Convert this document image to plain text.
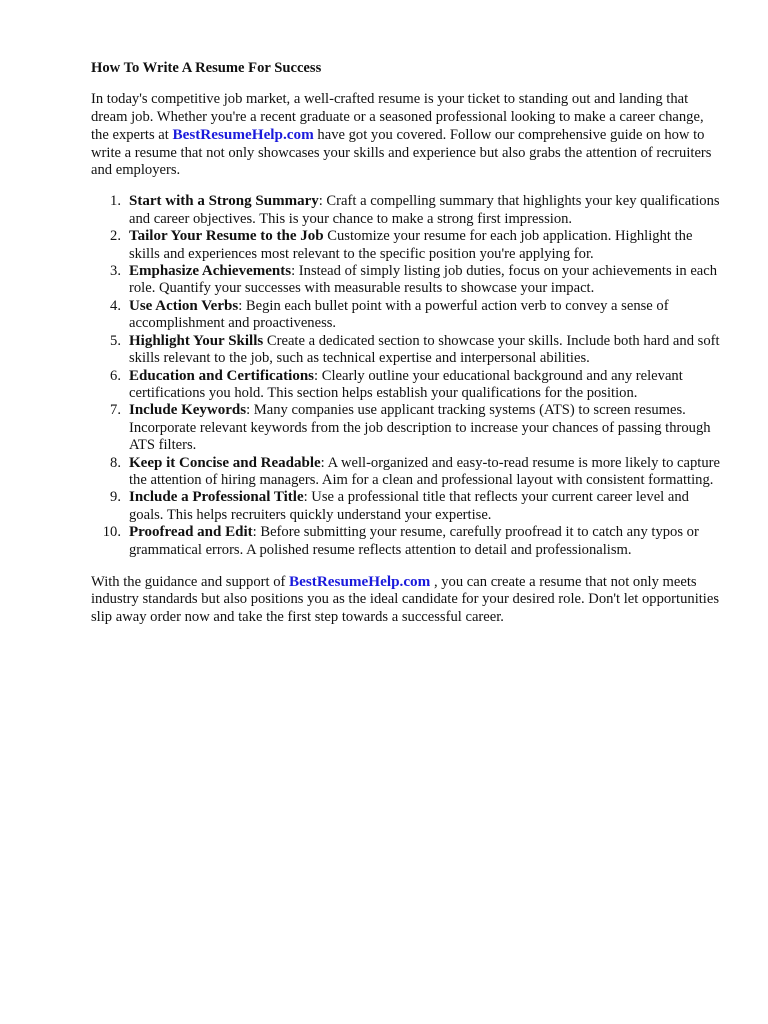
How To Write A Resume For Success

In today's competitive job market, a well-crafted resume is your ticket to standing out and landing that dream job. Whether you're a recent graduate or a seasoned professional looking to make a career change, the experts at BestResumeHelp.com have got you covered. Follow our comprehensive guide on how to write a resume that not only showcases your skills and experience but also grabs the attention of recruiters and employers.

1. Start with a Strong Summary: Craft a compelling summary that highlights your key qualifications and career objectives. This is your chance to make a strong first impression.
2. Tailor Your Resume to the Job Customize your resume for each job application. Highlight the skills and experiences most relevant to the specific position you're applying for.
3. Emphasize Achievements: Instead of simply listing job duties, focus on your achievements in each role. Quantify your successes with measurable results to showcase your impact.
4. Use Action Verbs: Begin each bullet point with a powerful action verb to convey a sense of accomplishment and proactiveness.
5. Highlight Your Skills Create a dedicated section to showcase your skills. Include both hard and soft skills relevant to the job, such as technical expertise and interpersonal abilities.
6. Education and Certifications: Clearly outline your educational background and any relevant certifications you hold. This section helps establish your qualifications for the position.
7. Include Keywords: Many companies use applicant tracking systems (ATS) to screen resumes. Incorporate relevant keywords from the job description to increase your chances of passing through ATS filters.
8. Keep it Concise and Readable: A well-organized and easy-to-read resume is more likely to capture the attention of hiring managers. Aim for a clean and professional layout with consistent formatting.
9. Include a Professional Title: Use a professional title that reflects your current career level and goals. This helps recruiters quickly understand your expertise.
10. Proofread and Edit: Before submitting your resume, carefully proofread it to catch any typos or grammatical errors. A polished resume reflects attention to detail and professionalism.

With the guidance and support of BestResumeHelp.com , you can create a resume that not only meets industry standards but also positions you as the ideal candidate for your desired role. Don't let opportunities slip away order now and take the first step towards a successful career.
